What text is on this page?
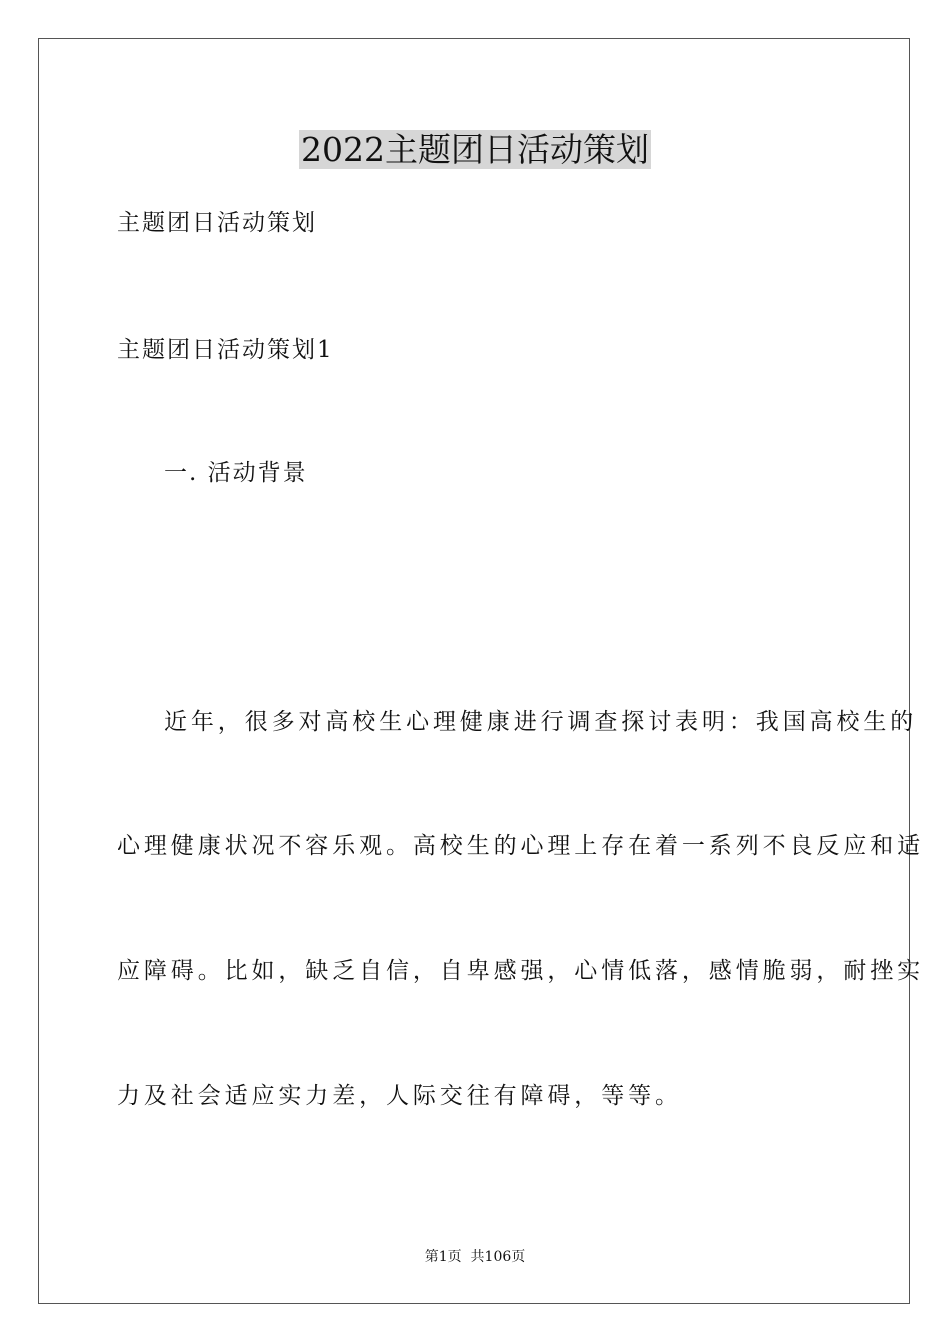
2022主题团日活动策划
主题团日活动策划
主题团日活动策划1
一. 活动背景
近年，很多对高校生心理健康进行调查探讨表明：我国高校生的
心理健康状况不容乐观。高校生的心理上存在着一系列不良反应和适
应障碍。比如，缺乏自信，自卑感强，心情低落，感情脆弱，耐挫实
力及社会适应实力差，人际交往有障碍，等等。
第1页  共106页
